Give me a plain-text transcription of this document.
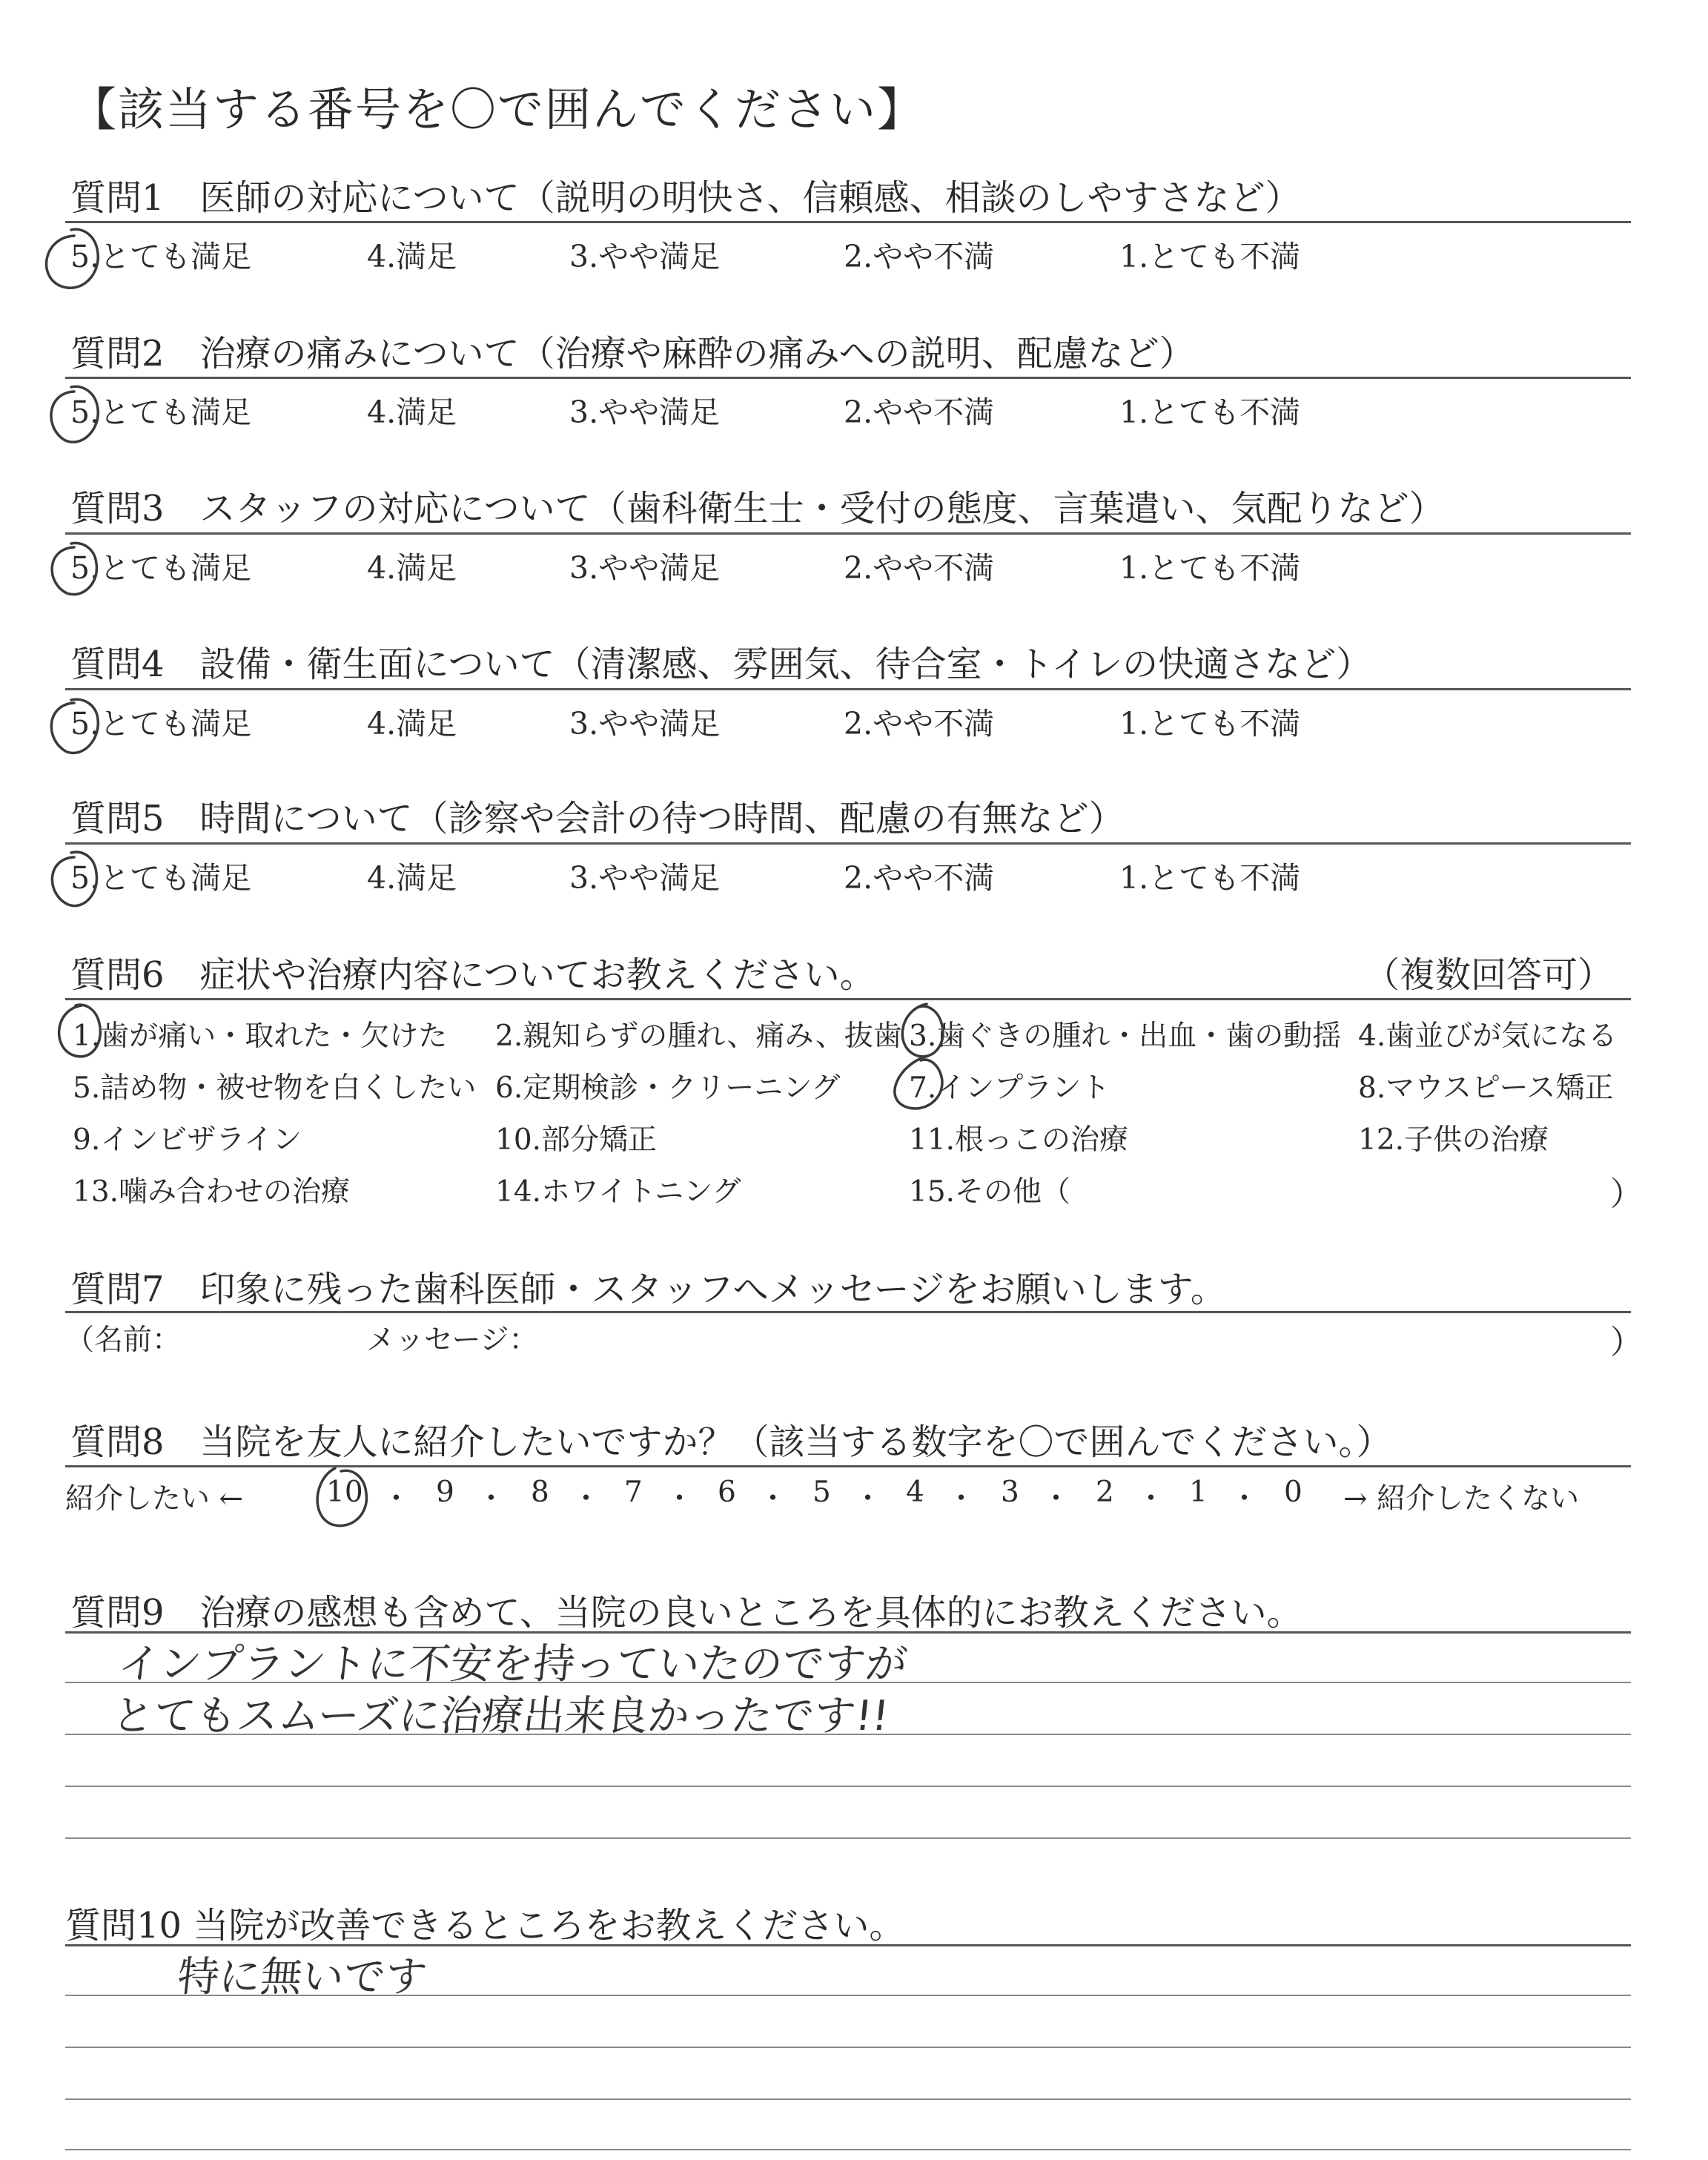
【該当する番号を〇で囲んでください】
質問1　医師の対応について（説明の明快さ、信頼感、相談のしやすさなど）
5.とても満足	4.満足	3.やや満足	2.やや不満	1.とても不満
質問2　治療の痛みについて（治療や麻酔の痛みへの説明、配慮など）
5.とても満足	4.満足	3.やや満足	2.やや不満	1.とても不満
質問3　スタッフの対応について（歯科衛生士・受付の態度、言葉遣い、気配りなど）
5.とても満足	4.満足	3.やや満足	2.やや不満	1.とても不満
質問4　設備・衛生面について（清潔感、雰囲気、待合室・トイレの快適さなど）
5.とても満足	4.満足	3.やや満足	2.やや不満	1.とても不満
質問5　時間について（診察や会計の待つ時間、配慮の有無など）
5.とても満足	4.満足	3.やや満足	2.やや不満	1.とても不満
質問6　症状や治療内容についてお教えください。	（複数回答可）
1.歯が痛い・取れた・欠けた 2.親知らずの腫れ、痛み、抜歯 3.歯ぐきの腫れ・出血・歯の動揺 4.歯並びが気になる
5.詰め物・被せ物を白くしたい 6.定期検診・クリーニング 7.インプラント	8.マウスピース矯正
9.インビザライン	10.部分矯正	11.根っこの治療	12.子供の治療
13.噛み合わせの治療	14.ホワイトニング	15.その他（	）
質問7　印象に残った歯科医師・スタッフへメッセージをお願いします。
（名前：	メッセージ：	）
質問8　当院を友人に紹介したいですか？（該当する数字を〇で囲んでください。）
紹介したい ←	10 ・ 9 ・ 8 ・ 7 ・ 6 ・ 5 ・ 4 ・ 3 ・ 2 ・ 1 ・ 0 → 紹介したくない
質問9　治療の感想も含めて、当院の良いところを具体的にお教えください。
インプラントに不安を持っていたのですが
とてもスムーズに治療出来良かったです!!
質問10 当院が改善できるところをお教えください。
特に無いです
